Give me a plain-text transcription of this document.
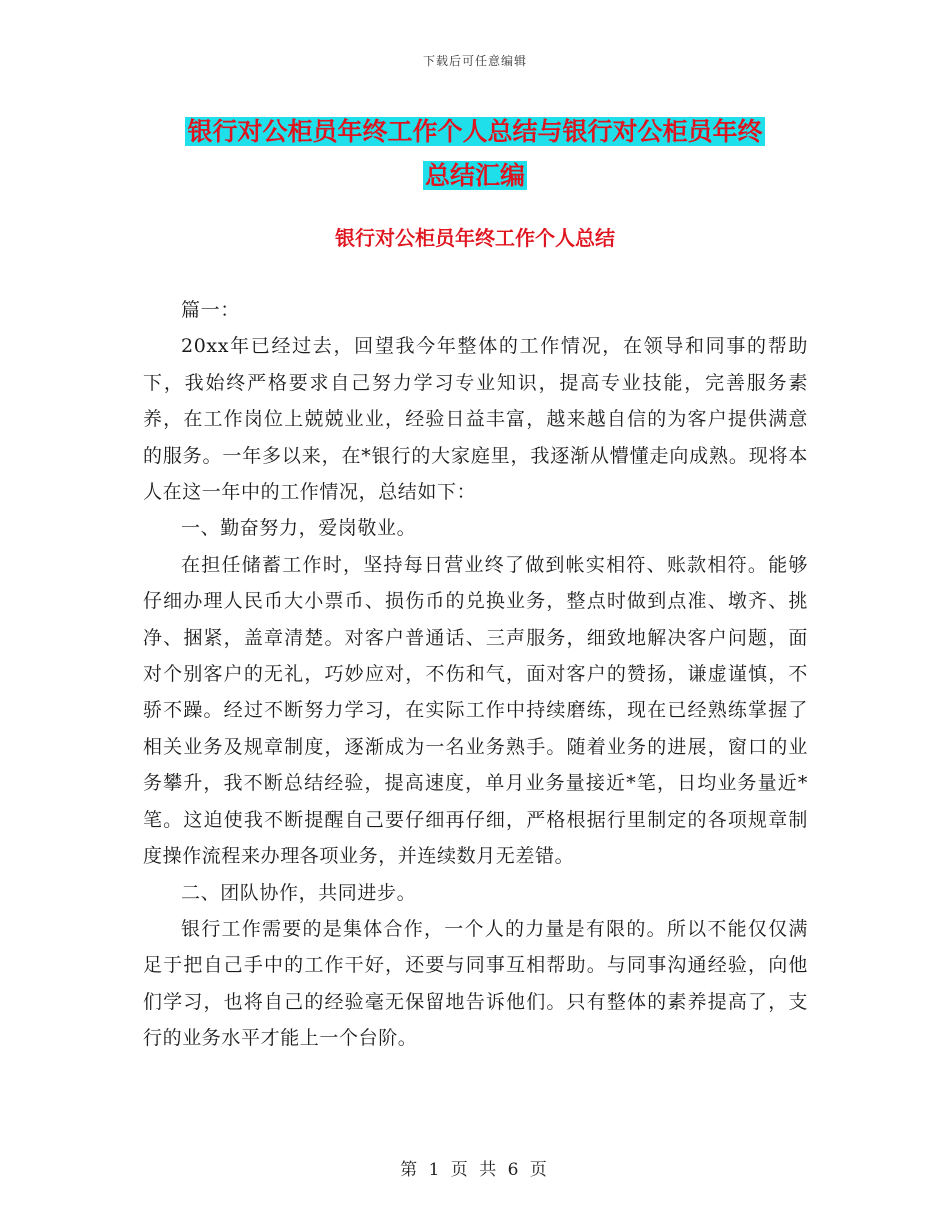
下载后可任意编辑
银行对公柜员年终工作个人总结与银行对公柜员年终
总结汇编
银行对公柜员年终工作个人总结

篇一：

20xx年已经过去，回望我今年整体的工作情况，在领导和同事的帮助下，我始终严格要求自己努力学习专业知识，提高专业技能，完善服务素养，在工作岗位上兢兢业业，经验日益丰富，越来越自信的为客户提供满意的服务。一年多以来，在*银行的大家庭里，我逐渐从懵懂走向成熟。现将本人在这一年中的工作情况，总结如下：

一、勤奋努力，爱岗敬业。

在担任储蓄工作时，坚持每日营业终了做到帐实相符、账款相符。能够仔细办理人民币大小票币、损伤币的兑换业务，整点时做到点准、墩齐、挑净、捆紧，盖章清楚。对客户普通话、三声服务，细致地解决客户问题，面对个别客户的无礼，巧妙应对，不伤和气，面对客户的赞扬，谦虚谨慎，不骄不躁。经过不断努力学习，在实际工作中持续磨练，现在已经熟练掌握了相关业务及规章制度，逐渐成为一名业务熟手。随着业务的进展，窗口的业务攀升，我不断总结经验，提高速度，单月业务量接近*笔，日均业务量近*笔。这迫使我不断提醒自己要仔细再仔细，严格根据行里制定的各项规章制度操作流程来办理各项业务，并连续数月无差错。

二、团队协作，共同进步。

银行工作需要的是集体合作，一个人的力量是有限的。所以不能仅仅满足于把自己手中的工作干好，还要与同事互相帮助。与同事沟通经验，向他们学习，也将自己的经验毫无保留地告诉他们。只有整体的素养提高了，支行的业务水平才能上一个台阶。

第 1 页 共 6 页
